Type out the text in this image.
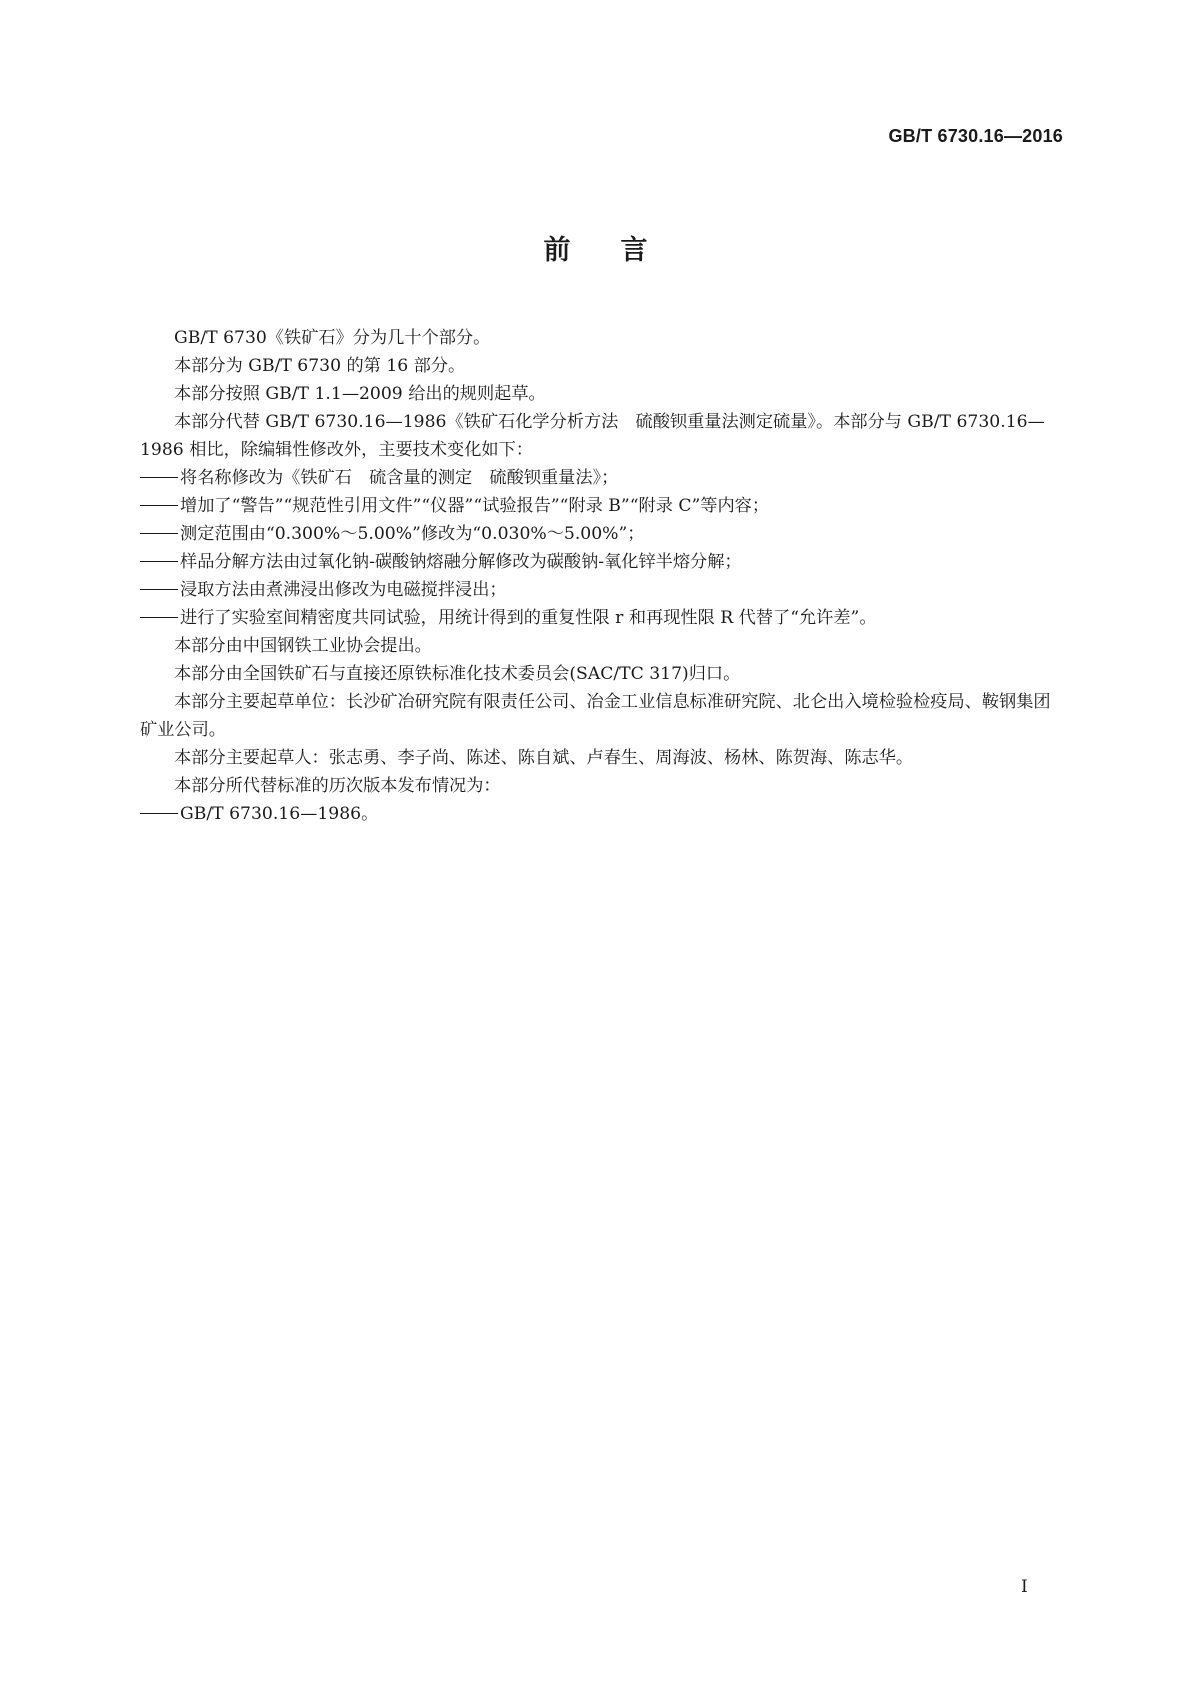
GB/T 6730.16—2016
前言

GB/T 6730《铁矿石》分为几十个部分。

本部分为 GB/T 6730 的第 16 部分。

本部分按照 GB/T 1.1—2009 给出的规则起草。

本部分代替 GB/T 6730.16—1986《铁矿石化学分析方法　硫酸钡重量法测定硫量》。本部分与 GB/T 6730.16—1986 相比，除编辑性修改外，主要技术变化如下：

将名称修改为《铁矿石　硫含量的测定　硫酸钡重量法》；

增加了“警告”“规范性引用文件”“仪器”“试验报告”“附录 B”“附录 C”等内容；

测定范围由“0.300%～5.00%”修改为“0.030%～5.00%”；

样品分解方法由过氧化钠-碳酸钠熔融分解修改为碳酸钠-氧化锌半熔分解；

浸取方法由煮沸浸出修改为电磁搅拌浸出；

进行了实验室间精密度共同试验，用统计得到的重复性限 r 和再现性限 R 代替了“允许差”。

本部分由中国钢铁工业协会提出。

本部分由全国铁矿石与直接还原铁标准化技术委员会(SAC/TC 317)归口。

本部分主要起草单位：长沙矿冶研究院有限责任公司、冶金工业信息标准研究院、北仑出入境检验检疫局、鞍钢集团矿业公司。

本部分主要起草人：张志勇、李子尚、陈述、陈自斌、卢春生、周海波、杨林、陈贺海、陈志华。

本部分所代替标准的历次版本发布情况为：

GB/T 6730.16—1986。

I
